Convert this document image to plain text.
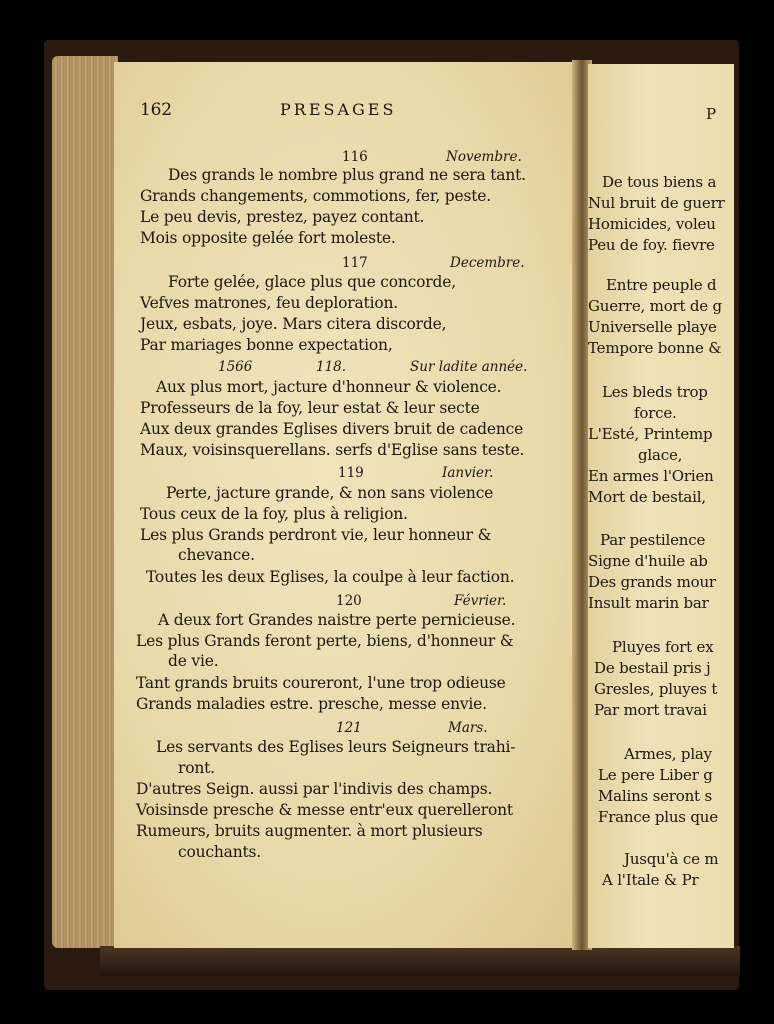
162	PRESAGES
116	Novembre.
Des grands le nombre plus grand ne sera tant.
Grands changements, commotions, fer, peste.
Le peu devis, prestez, payez contant.
Mois opposite gelée fort moleste.
117	Decembre.
Forte gelée, glace plus que concorde,
Vefves matrones, feu deploration.
Jeux, esbats, joye. Mars citera discorde,
Par mariages bonne expectation,
1566	118.	Sur ladite année.
Aux plus mort, jacture d'honneur & violence.
Professeurs de la foy, leur estat & leur secte
Aux deux grandes Eglises divers bruit de cadence
Maux, voisinsquerellans. serfs d'Eglise sans teste.
119	Ianvier.
Perte, jacture grande, & non sans violence
Tous ceux de la foy, plus à religion.
Les plus Grands perdront vie, leur honneur &
chevance.
Toutes les deux Eglises, la coulpe à leur faction.
120	Février.
A deux fort Grandes naistre perte pernicieuse.
Les plus Grands feront perte, biens, d'honneur &
de vie.
Tant grands bruits coureront, l'une trop odieuse
Grands maladies estre. presche, messe envie.
121	Mars.
Les servants des Eglises leurs Seigneurs trahi-
ront.
D'autres Seign. aussi par l'indivis des champs.
Voisinsde presche & messe entr'eux querelleront
Rumeurs, bruits augmenter. à mort plusieurs
couchants.
P
De tous biens a
Nul bruit de guerr
Homicides, voleu
Peu de foy. fievre
Entre peuple d
Guerre, mort de g
Universelle playe
Tempore bonne &
Les bleds trop
force.
L'Esté, Printemp
glace,
En armes l'Orien
Mort de bestail,
Par pestilence
Signe d'huile ab
Des grands mour
Insult marin bar
Pluyes fort ex
De bestail pris j
Gresles, pluyes t
Par mort travai
Armes, play
Le pere Liber g
Malins seront s
France plus que
Jusqu'à ce m
A l'Itale & Pr
